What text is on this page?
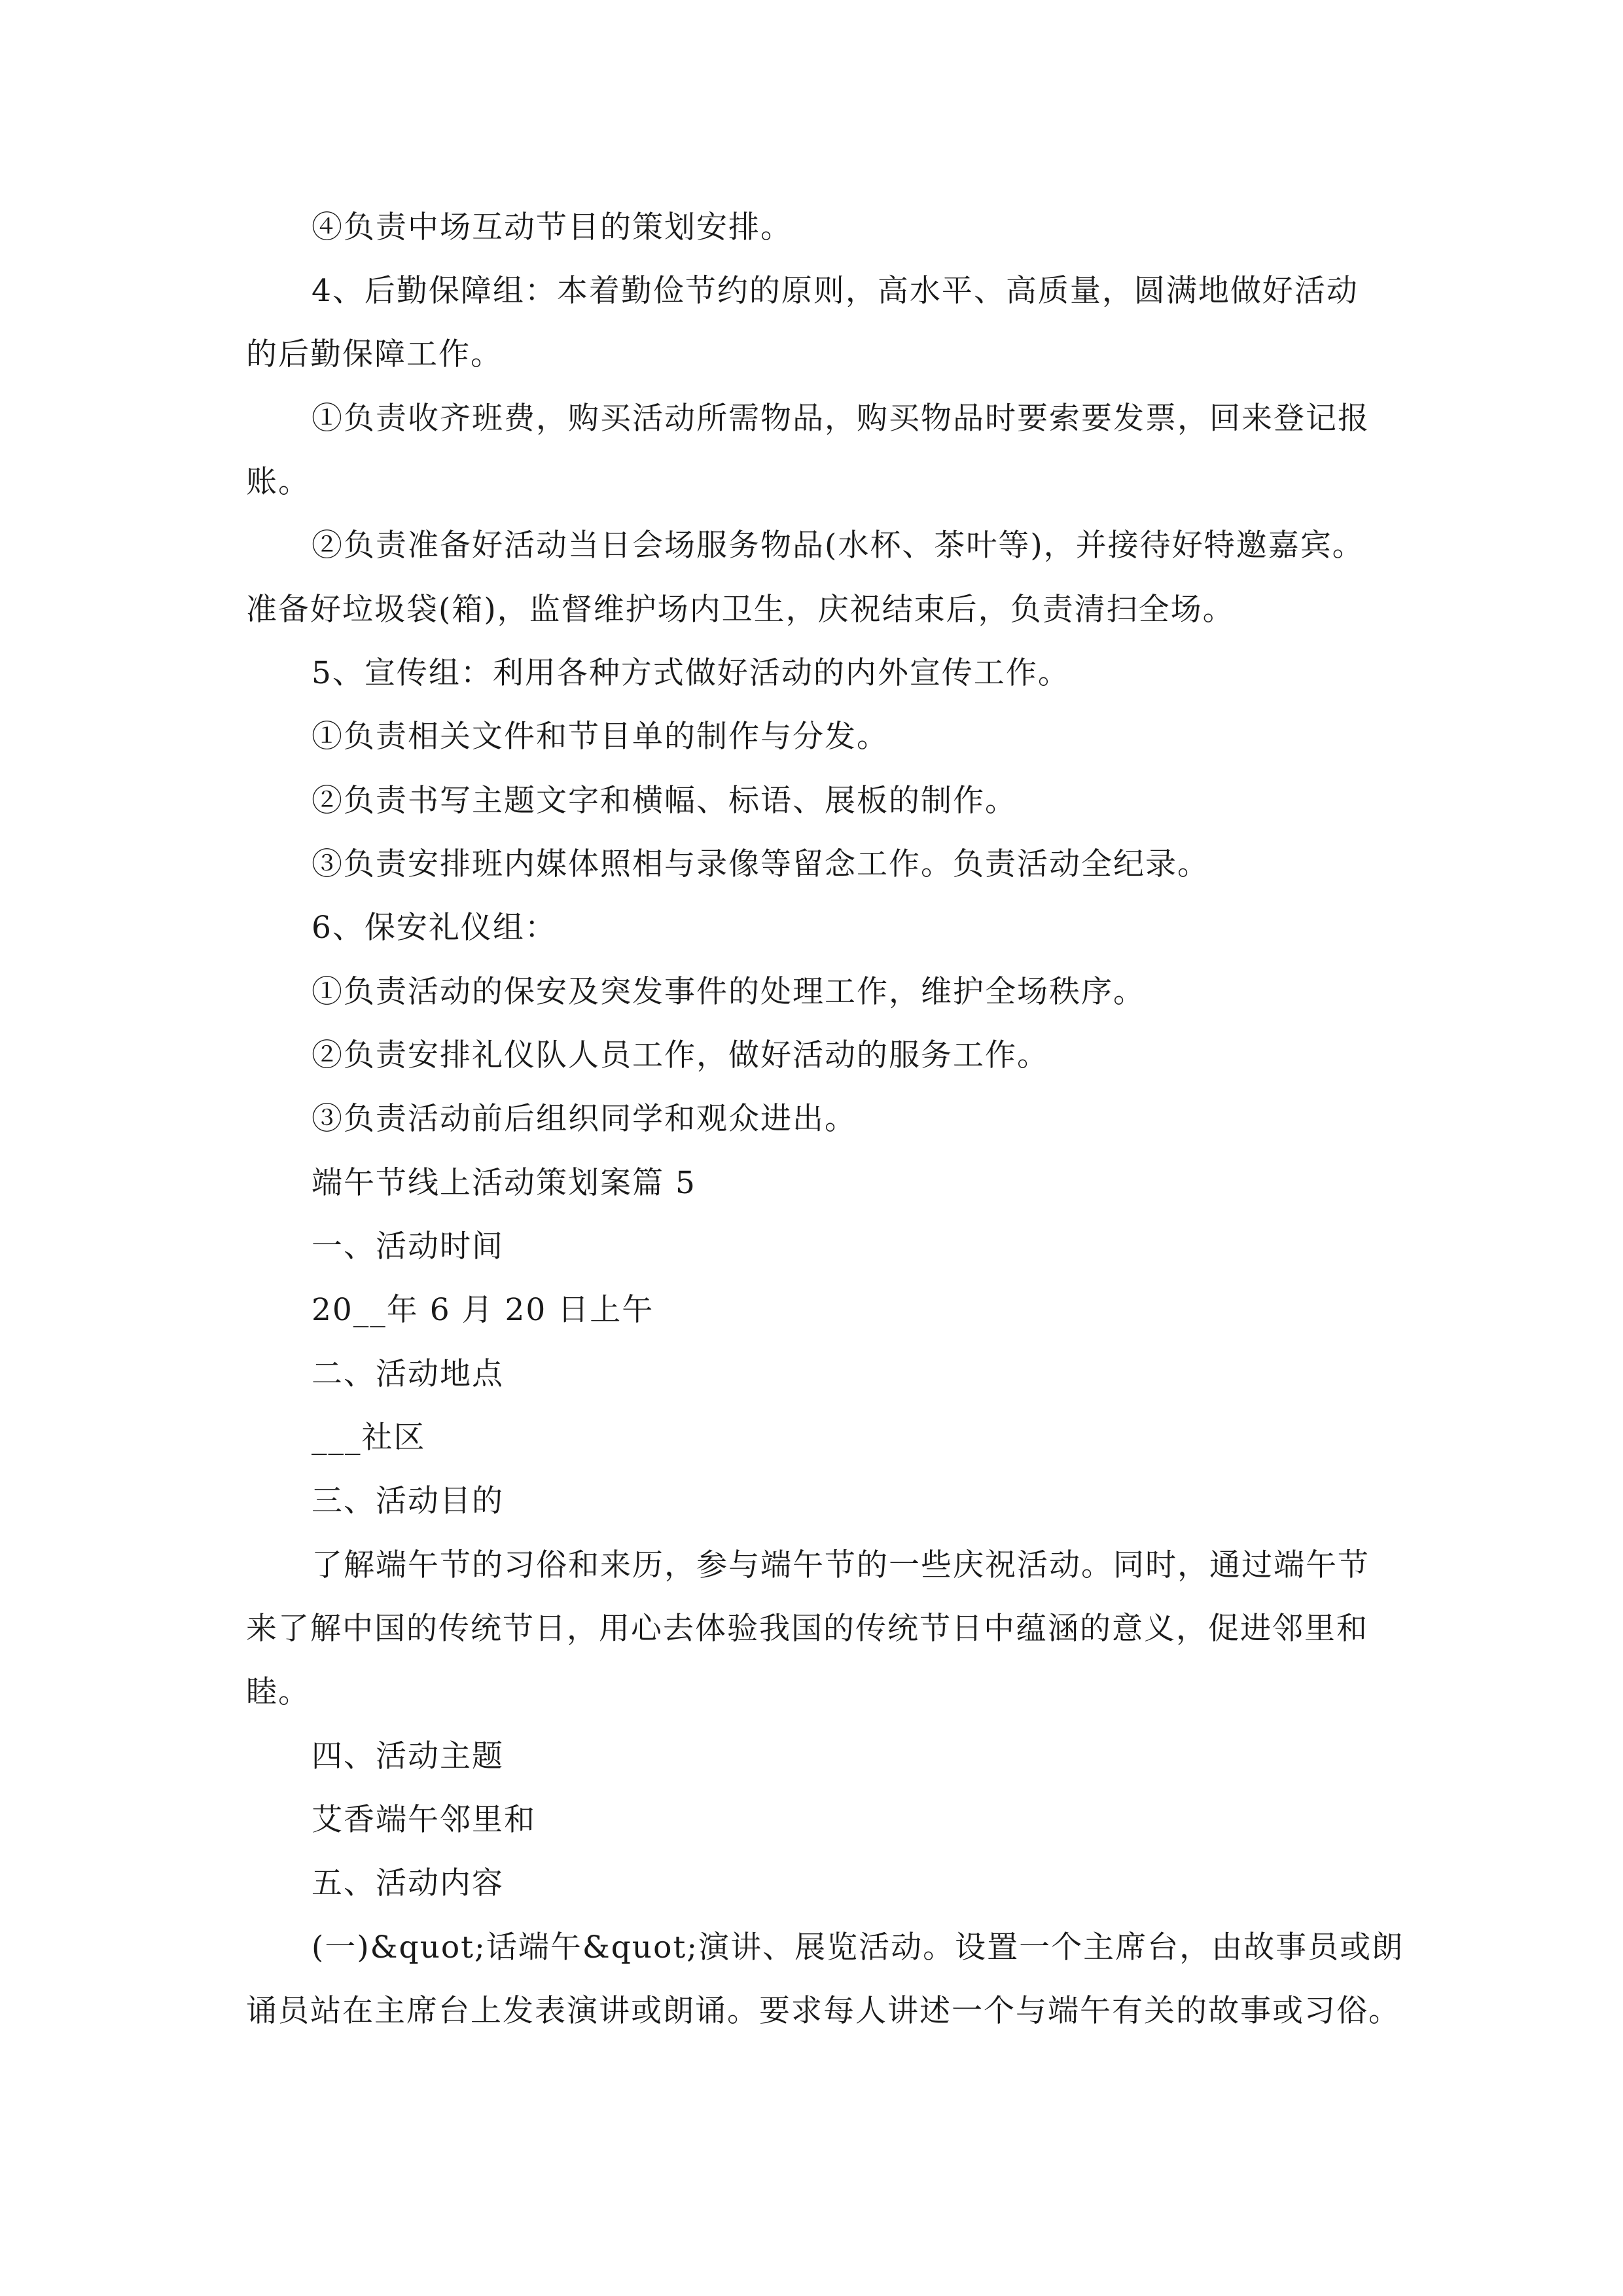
④负责中场互动节目的策划安排。
4、后勤保障组：本着勤俭节约的原则，高水平、高质量，圆满地做好活动
的后勤保障工作。
①负责收齐班费，购买活动所需物品，购买物品时要索要发票，回来登记报
账。
②负责准备好活动当日会场服务物品(水杯、茶叶等)，并接待好特邀嘉宾。
准备好垃圾袋(箱)，监督维护场内卫生，庆祝结束后，负责清扫全场。
5、宣传组：利用各种方式做好活动的内外宣传工作。
①负责相关文件和节目单的制作与分发。
②负责书写主题文字和横幅、标语、展板的制作。
③负责安排班内媒体照相与录像等留念工作。负责活动全纪录。
6、保安礼仪组：
①负责活动的保安及突发事件的处理工作，维护全场秩序。
②负责安排礼仪队人员工作，做好活动的服务工作。
③负责活动前后组织同学和观众进出。
端午节线上活动策划案篇 5
一、活动时间
20__年 6 月 20 日上午
二、活动地点
___社区
三、活动目的
了解端午节的习俗和来历，参与端午节的一些庆祝活动。同时，通过端午节
来了解中国的传统节日，用心去体验我国的传统节日中蕴涵的意义，促进邻里和
睦。
四、活动主题
艾香端午邻里和
五、活动内容
(一)&quot;话端午&quot;演讲、展览活动。设置一个主席台，由故事员或朗
诵员站在主席台上发表演讲或朗诵。要求每人讲述一个与端午有关的故事或习俗。
